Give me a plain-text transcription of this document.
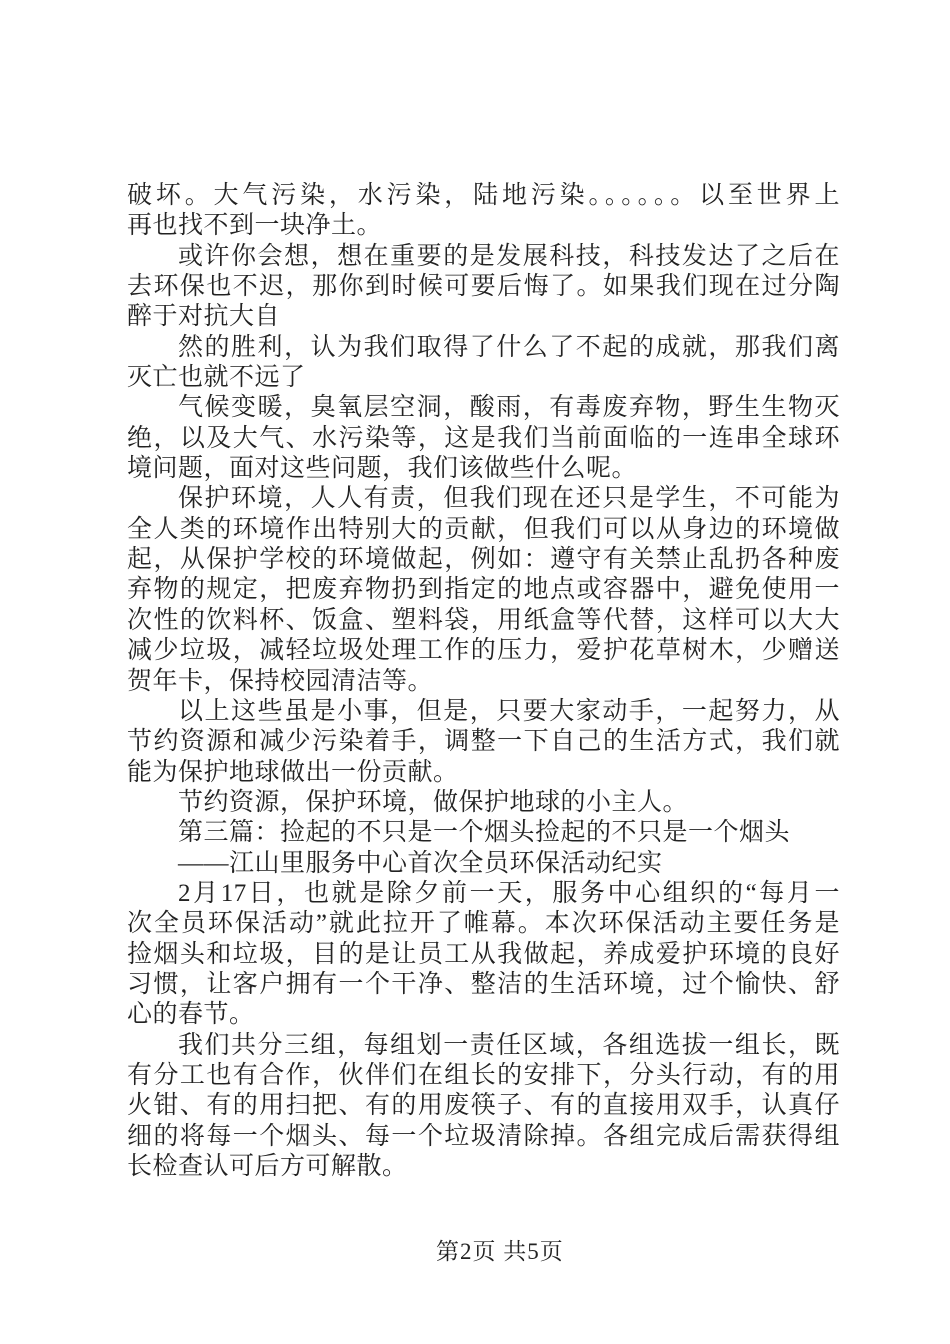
破坏。大气污染，水污染，陆地污染。。。。。。以至世界上
再也找不到一块净土。
或许你会想，想在重要的是发展科技，科技发达了之后在
去环保也不迟，那你到时候可要后悔了。如果我们现在过分陶
醉于对抗大自
然的胜利，认为我们取得了什么了不起的成就，那我们离
灭亡也就不远了
气候变暖，臭氧层空洞，酸雨，有毒废弃物，野生生物灭
绝，以及大气、水污染等，这是我们当前面临的一连串全球环
境问题，面对这些问题，我们该做些什么呢。
保护环境，人人有责，但我们现在还只是学生，不可能为
全人类的环境作出特别大的贡献，但我们可以从身边的环境做
起，从保护学校的环境做起，例如：遵守有关禁止乱扔各种废
弃物的规定，把废弃物扔到指定的地点或容器中，避免使用一
次性的饮料杯、饭盒、塑料袋，用纸盒等代替，这样可以大大
减少垃圾，减轻垃圾处理工作的压力，爱护花草树木，少赠送
贺年卡，保持校园清洁等。
以上这些虽是小事，但是，只要大家动手，一起努力，从
节约资源和减少污染着手，调整一下自己的生活方式，我们就
能为保护地球做出一份贡献。
节约资源，保护环境，做保护地球的小主人。
第三篇：捡起的不只是一个烟头捡起的不只是一个烟头
——江山里服务中心首次全员环保活动纪实
2月17日，也就是除夕前一天，服务中心组织的“每月一
次全员环保活动”就此拉开了帷幕。本次环保活动主要任务是
捡烟头和垃圾，目的是让员工从我做起，养成爱护环境的良好
习惯，让客户拥有一个干净、整洁的生活环境，过个愉快、舒
心的春节。
我们共分三组，每组划一责任区域，各组选拔一组长，既
有分工也有合作，伙伴们在组长的安排下，分头行动，有的用
火钳、有的用扫把、有的用废筷子、有的直接用双手，认真仔
细的将每一个烟头、每一个垃圾清除掉。各组完成后需获得组
长检查认可后方可解散。
第2页 共5页
